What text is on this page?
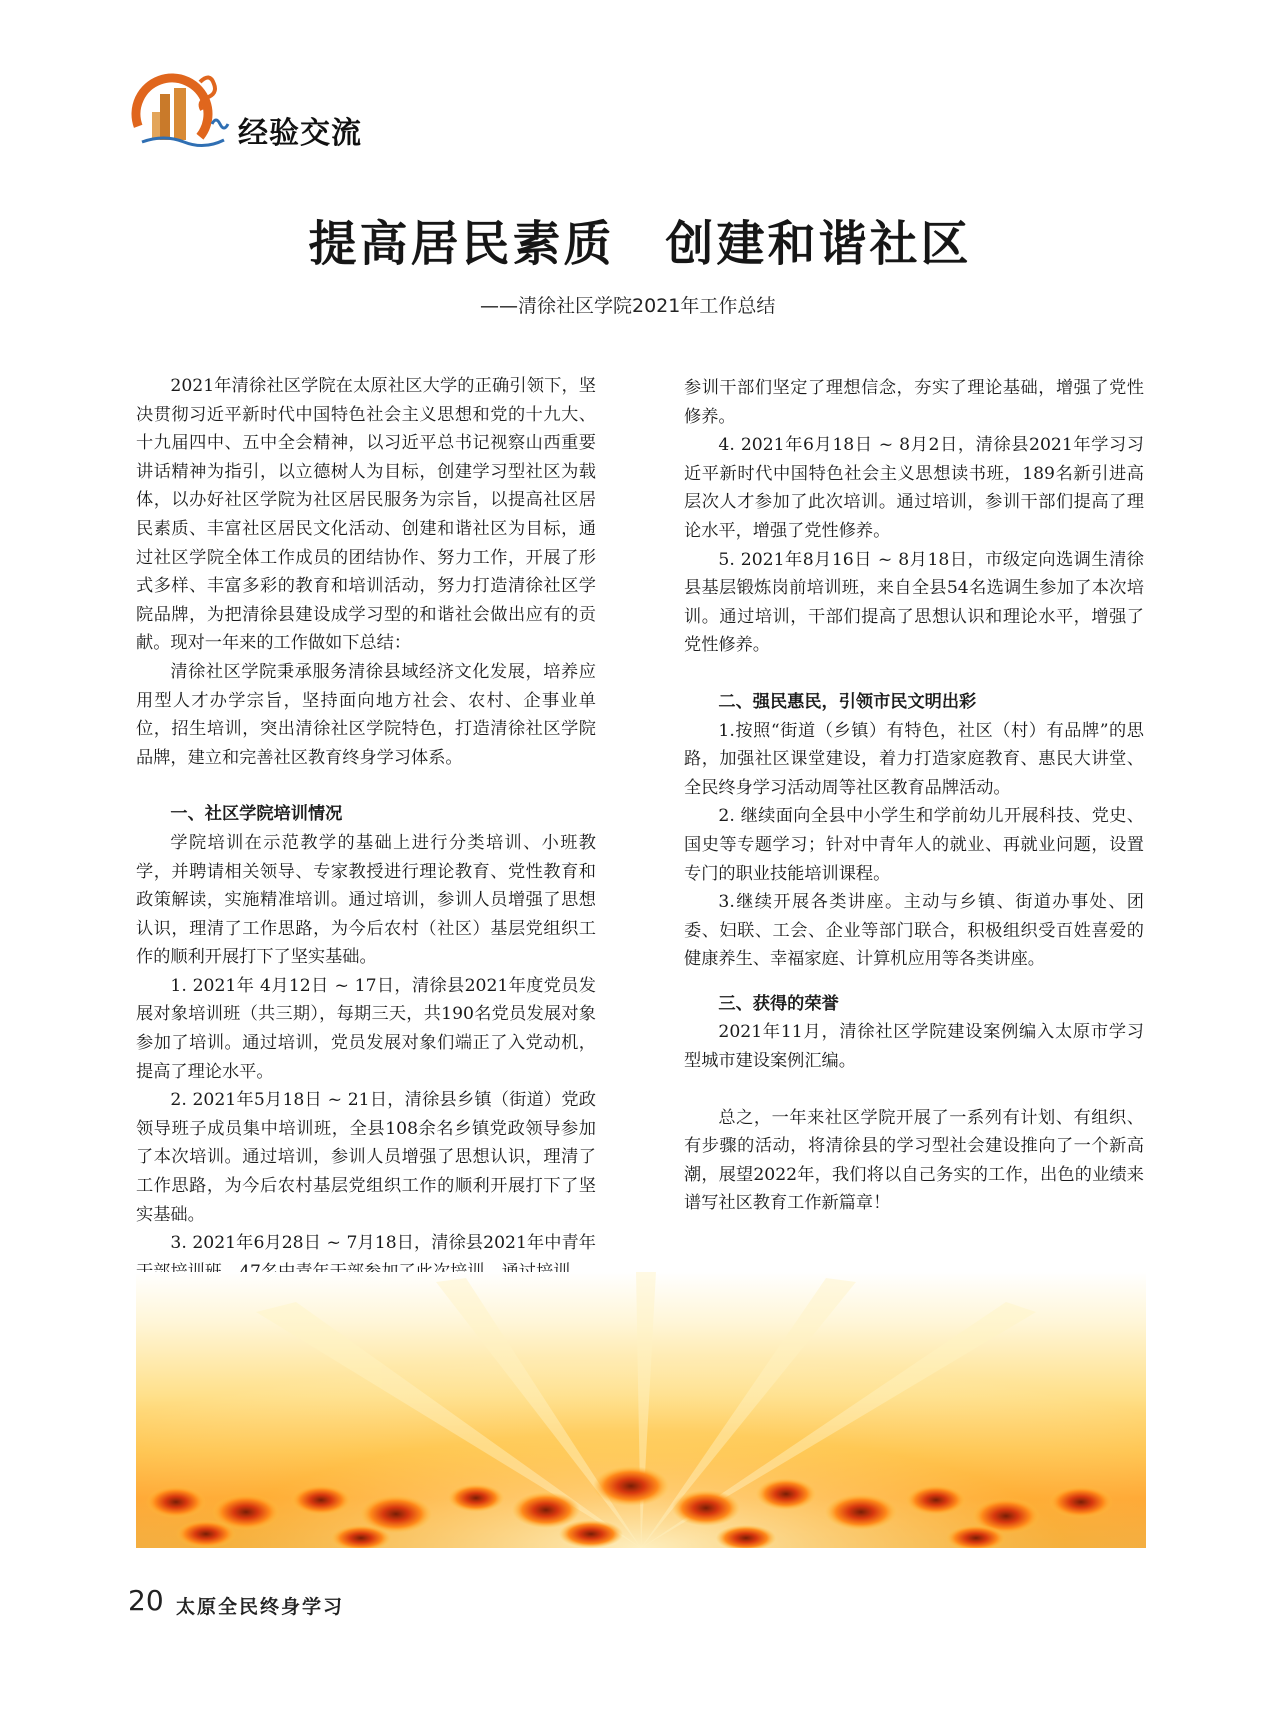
经验交流
提高居民素质　创建和谐社区
——清徐社区学院2021年工作总结

2021年清徐社区学院在太原社区大学的正确引领下，坚决贯彻习近平新时代中国特色社会主义思想和党的十九大、十九届四中、五中全会精神，以习近平总书记视察山西重要讲话精神为指引，以立德树人为目标，创建学习型社区为载体，以办好社区学院为社区居民服务为宗旨，以提高社区居民素质、丰富社区居民文化活动、创建和谐社区为目标，通过社区学院全体工作成员的团结协作、努力工作，开展了形式多样、丰富多彩的教育和培训活动，努力打造清徐社区学院品牌，为把清徐县建设成学习型的和谐社会做出应有的贡献。现对一年来的工作做如下总结：

清徐社区学院秉承服务清徐县域经济文化发展，培养应用型人才办学宗旨，坚持面向地方社会、农村、企事业单位，招生培训，突出清徐社区学院特色，打造清徐社区学院品牌，建立和完善社区教育终身学习体系。

一、社区学院培训情况

学院培训在示范教学的基础上进行分类培训、小班教学，并聘请相关领导、专家教授进行理论教育、党性教育和政策解读，实施精准培训。通过培训，参训人员增强了思想认识，理清了工作思路，为今后农村（社区）基层党组织工作的顺利开展打下了坚实基础。

1. 2021年 4月12日 ~ 17日，清徐县2021年度党员发展对象培训班（共三期），每期三天，共190名党员发展对象参加了培训。通过培训，党员发展对象们端正了入党动机，提高了理论水平。

2. 2021年5月18日 ~ 21日，清徐县乡镇（街道）党政领导班子成员集中培训班，全县108余名乡镇党政领导参加了本次培训。通过培训，参训人员增强了思想认识，理清了工作思路，为今后农村基层党组织工作的顺利开展打下了坚实基础。

3. 2021年6月28日 ~ 7月18日，清徐县2021年中青年

参训干部们坚定了理想信念，夯实了理论基础，增强了党性修养。

4. 2021年6月18日 ~ 8月2日，清徐县2021年学习习近平新时代中国特色社会主义思想读书班，189名新引进高层次人才参加了此次培训。通过培训，参训干部们提高了理论水平，增强了党性修养。

5. 2021年8月16日 ~ 8月18日，市级定向选调生清徐县基层锻炼岗前培训班，来自全县54名选调生参加了本次培训。通过培训，干部们提高了思想认识和理论水平，增强了党性修养。

二、强民惠民，引领市民文明出彩

1.按照“街道（乡镇）有特色，社区（村）有品牌”的思路，加强社区课堂建设，着力打造家庭教育、惠民大讲堂、全民终身学习活动周等社区教育品牌活动。

2. 继续面向全县中小学生和学前幼儿开展科技、党史、国史等专题学习；针对中青年人的就业、再就业问题，设置专门的职业技能培训课程。

3.继续开展各类讲座。主动与乡镇、街道办事处、团委、妇联、工会、企业等部门联合，积极组织受百姓喜爱的健康养生、幸福家庭、计算机应用等各类讲座。

三、获得的荣誉

2021年11月，清徐社区学院建设案例编入太原市学习型城市建设案例汇编。

总之，一年来社区学院开展了一系列有计划、有组织、有步骤的活动，将清徐县的学习型社会建设推向了一个新高潮，展望2022年，我们将以自己务实的工作，出色的业绩来谱写社区教育工作新篇章！

20 太原全民终身学习
